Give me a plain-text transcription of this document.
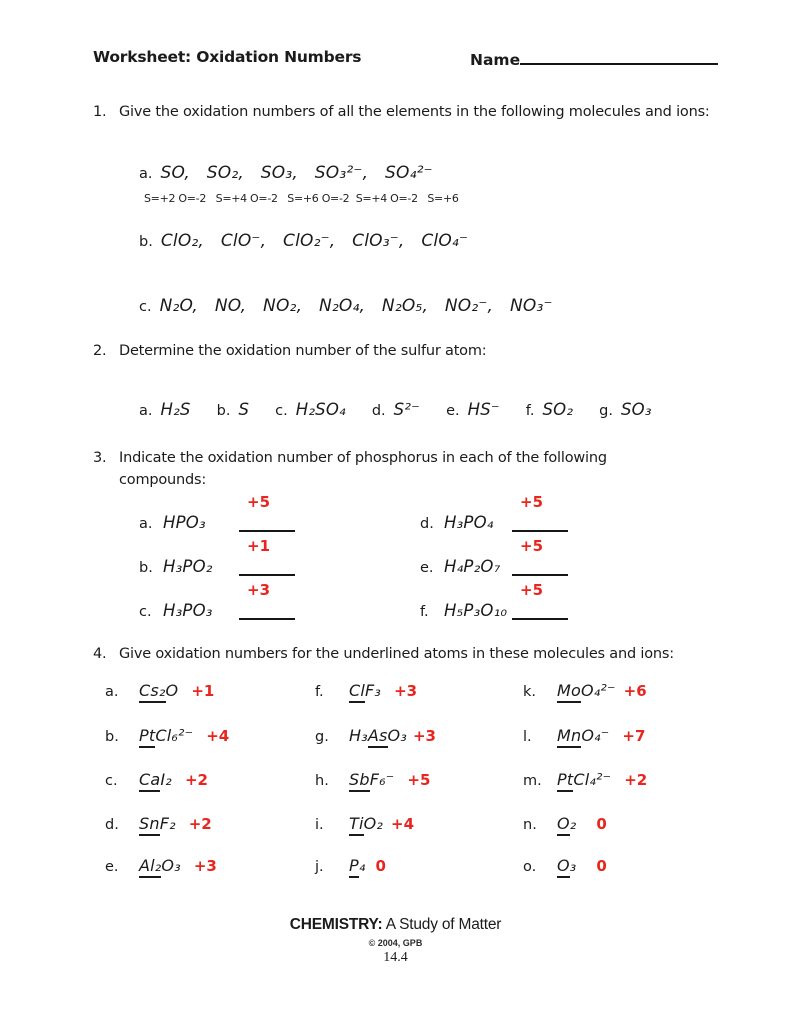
Worksheet: Oxidation Numbers	Name
1. Give the oxidation numbers of all the elements in the following molecules and ions:
a. SO,   SO₂,   SO₃,   SO₃²⁻,   SO₄²⁻
S=+2 O=-2   S=+4 O=-2   S=+6 O=-2  S=+4 O=-2   S=+6
b. ClO₂,   ClO⁻,   ClO₂⁻,   ClO₃⁻,   ClO₄⁻
c. N₂O,   NO,   NO₂,   N₂O₄,   N₂O₅,   NO₂⁻,   NO₃⁻
2. Determine the oxidation number of the sulfur atom:
a. H₂S b. S c. H₂SO₄ d. S²⁻ e. HS⁻ f. SO₂ g. SO₃
3. Indicate the oxidation number of phosphorus in each of the following compounds:
a. HPO₃
+5
b. H₃PO₂
+1
c. H₃PO₃
+3
d. H₃PO₄
+5
e. H₄P₂O₇
+5
f. H₅P₃O₁₀
+5
4. Give oxidation numbers for the underlined atoms in these molecules and ions:
a.	Cs₂O +1
b.	PtCl₆²⁻ +4
c.	CaI₂ +2
d.	SnF₂ +2
e.	Al₂O₃ +3
f.	ClF₃ +3
g.	H₃AsO₃ +3
h.	SbF₆⁻ +5
i.	TiO₂ +4
j.	P₄ 0
k.	MoO₄²⁻ +6
l.	MnO₄⁻ +7
m. PtCl₄²⁻ +2
n.	O₂ 0
o.	O₃ 0
CHEMISTRY: A Study of Matter
© 2004, GPB
14.4
